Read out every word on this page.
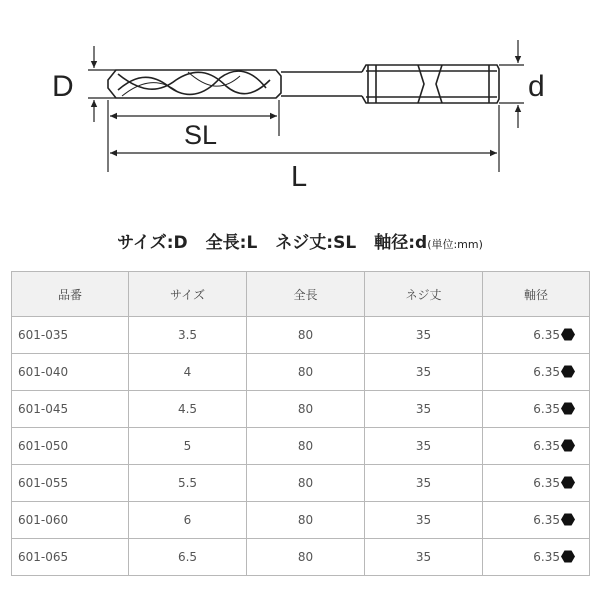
D	d
SL
L
サイズ:D 全長:L ネジ丈:SL 軸径:d(単位:mm)
品番	サイズ	全長	ネジ丈	軸径
601-035	3.5	80	35	6.35
601-040	4	80	35	6.35
601-045	4.5	80	35	6.35
601-050	5	80	35	6.35
601-055	5.5	80	35	6.35
601-060	6	80	35	6.35
601-065	6.5	80	35	6.35
